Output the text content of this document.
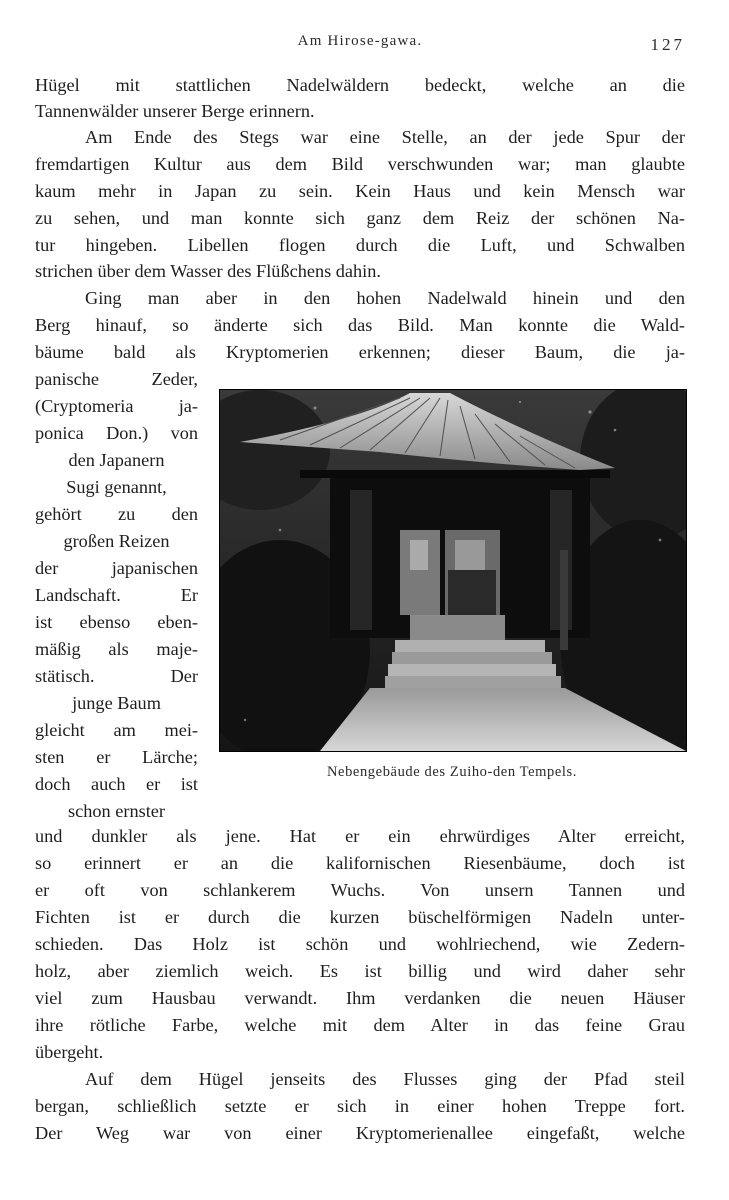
Am Hirose-gawa.	127
Hügel mit stattlichen Nadelwäldern bedeckt, welche an die
Tannenwälder unserer Berge erinnern.
Am Ende des Stegs war eine Stelle, an der jede Spur der
fremdartigen Kultur aus dem Bild verschwunden war; man glaubte
kaum mehr in Japan zu sein. Kein Haus und kein Mensch war
zu sehen, und man konnte sich ganz dem Reiz der schönen Na-
tur hingeben. Libellen flogen durch die Luft, und Schwalben
strichen über dem Wasser des Flüßchens dahin.
Ging man aber in den hohen Nadelwald hinein und den
Berg hinauf, so änderte sich das Bild. Man konnte die Wald-
bäume bald als Kryptomerien erkennen; dieser Baum, die ja-
panische Zeder,
(Cryptomeria ja-
ponica Don.) von
den Japanern
Sugi genannt,
gehört zu den
großen Reizen
der japanischen
Landschaft. Er
ist ebenso eben-
mäßig als maje-
stätisch. Der
junge Baum
gleicht am mei-
sten er Lärche;
doch auch er ist
schon ernster
und dunkler als jene. Hat er ein ehrwürdiges Alter erreicht,
so erinnert er an die kalifornischen Riesenbäume, doch ist
er oft von schlankerem Wuchs. Von unsern Tannen und
Fichten ist er durch die kurzen büschelförmigen Nadeln unter-
schieden. Das Holz ist schön und wohlriechend, wie Zedern-
holz, aber ziemlich weich. Es ist billig und wird daher sehr
viel zum Hausbau verwandt. Ihm verdanken die neuen Häuser
ihre rötliche Farbe, welche mit dem Alter in das feine Grau
übergeht.
Auf dem Hügel jenseits des Flusses ging der Pfad steil
bergan, schließlich setzte er sich in einer hohen Treppe fort.
Der Weg war von einer Kryptomerienallee eingefaßt, welche
Nebengebäude des Zuiho-den Tempels.
